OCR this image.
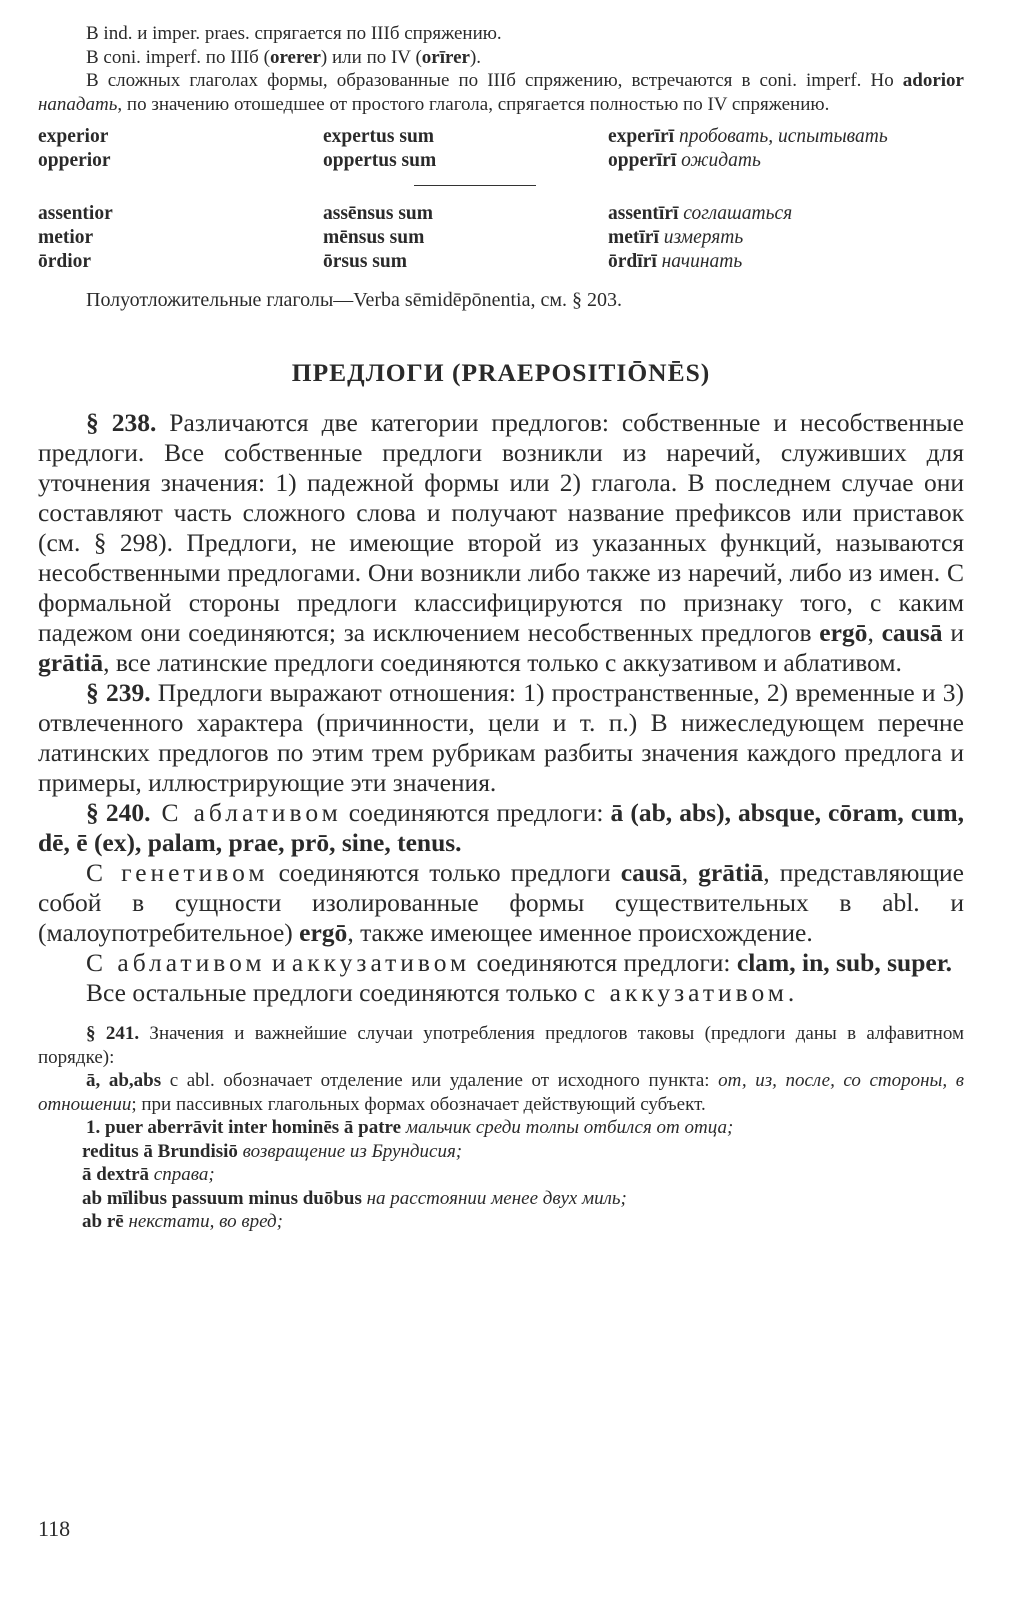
В ind. и imper. praes. спрягается по IIIб спряжению.

В coni. imperf. по IIIб (orerer) или по IV (orīrer).

В сложных глаголах формы, образованные по IIIб спряжению, встречаются в coni. imperf. Но adorior нападать, по значению отошедшее от простого глагола, спрягается полностью по IV спряжению.

experior	expertus sum	experīrī пробовать, испытывать
opperior	oppertus sum	opperīrī ожидать
assentior	assēnsus sum	assentīrī соглашаться
metior	mēnsus sum	metīrī измерять
ōrdior	ōrsus sum	ōrdīrī начинать

Полуотложительные глаголы—Verba sēmidēpōnentia, см. § 203.

ПРЕДЛОГИ (PRAEPOSITIŌNĒS)

§ 238. Различаются две категории предлогов: собственные и несобственные предлоги. Все собственные предлоги возникли из наречий, служивших для уточнения значения: 1) падежной формы или 2) глагола. В последнем случае они составляют часть сложного слова и получают название префиксов или приставок (см. § 298). Предлоги, не имеющие второй из указанных функций, называются несобственными предлогами. Они возникли либо также из наречий, либо из имен. С формальной стороны предлоги классифицируются по признаку того, с каким падежом они соединяются; за исключением несобственных предлогов ergō, causā и grātiā, все латинские предлоги соединяются только с аккузативом и аблативом.

§ 239. Предлоги выражают отношения: 1) пространственные, 2) временные и 3) отвлеченного характера (причинности, цели и т. п.) В нижеследующем перечне латинских предлогов по этим трем рубрикам разбиты значения каждого предлога и примеры, иллюстрирующие эти значения.

§ 240. С аблативом соединяются предлоги: ā (ab, abs), absque, cōram, cum, dē, ē (ex), palam, prae, prō, sine, tenus.

С генетивом соединяются только предлоги causā, grātiā, представляющие собой в сущности изолированные формы существительных в abl. и (малоупотребительное) ergō, также имеющее именное происхождение.

С аблативом и аккузативом соединяются предлоги: clam, in, sub, super.

Все остальные предлоги соединяются только с аккузативом.

§ 241. Значения и важнейшие случаи употребления предлогов таковы (предлоги даны в алфавитном порядке):

ā, ab,abs с abl. обозначает отделение или удаление от исходного пункта: от, из, после, со стороны, в отношении; при пассивных глагольных формах обозначает действующий субъект.

1. puer aberrāvit inter hominēs ā patre мальчик среди толпы отбился от отца;

reditus ā Brundisiō возвращение из Брундисия;

ā dextrā справа;

ab mīlibus passuum minus duōbus на расстоянии менее двух миль;

ab rē некстати, во вред;

118
